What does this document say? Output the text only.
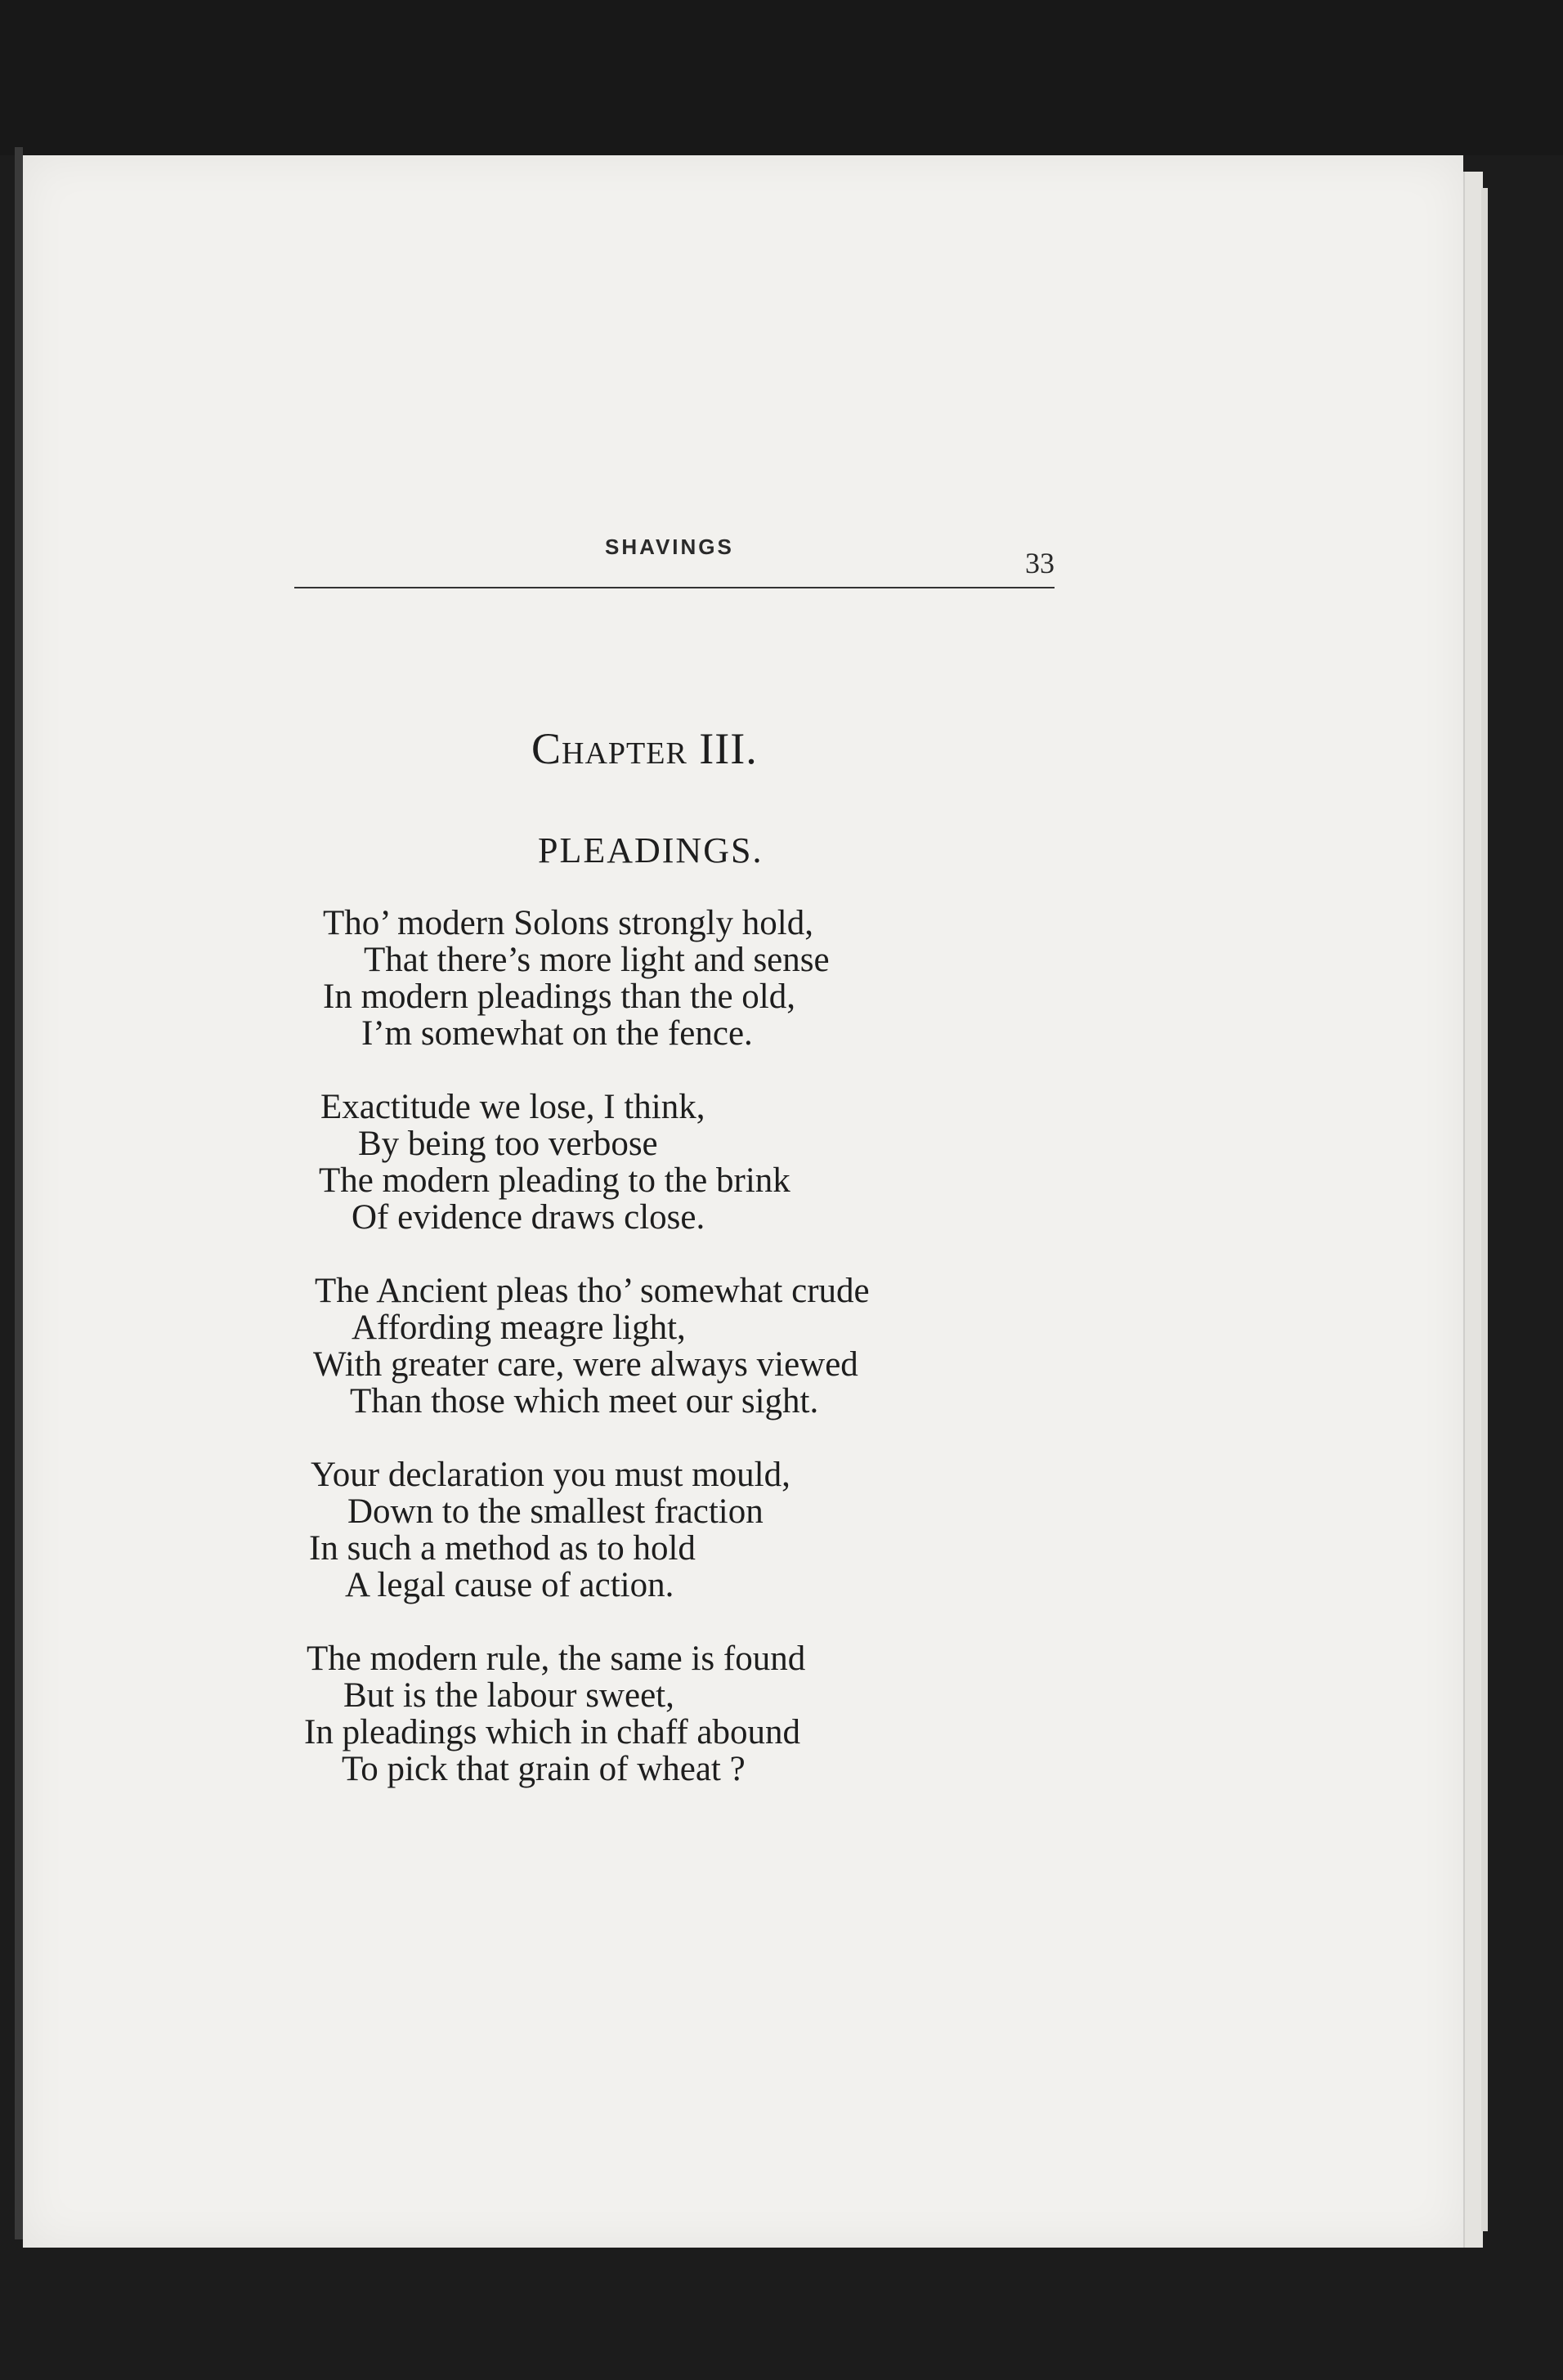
SHAVINGS	33
Chapter III.
PLEADINGS.
Tho’ modern Solons strongly hold,
That there’s more light and sense
In modern pleadings than the old,
I’m somewhat on the fence.
Exactitude we lose, I think,
By being too verbose
The modern pleading to the brink
Of evidence draws close.
The Ancient pleas tho’ somewhat crude
Affording meagre light,
With greater care, were always viewed
Than those which meet our sight.
Your declaration you must mould,
Down to the smallest fraction
In such a method as to hold
A legal cause of action.
The modern rule, the same is found
But is the labour sweet,
In pleadings which in chaff abound
To pick that grain of wheat ?
